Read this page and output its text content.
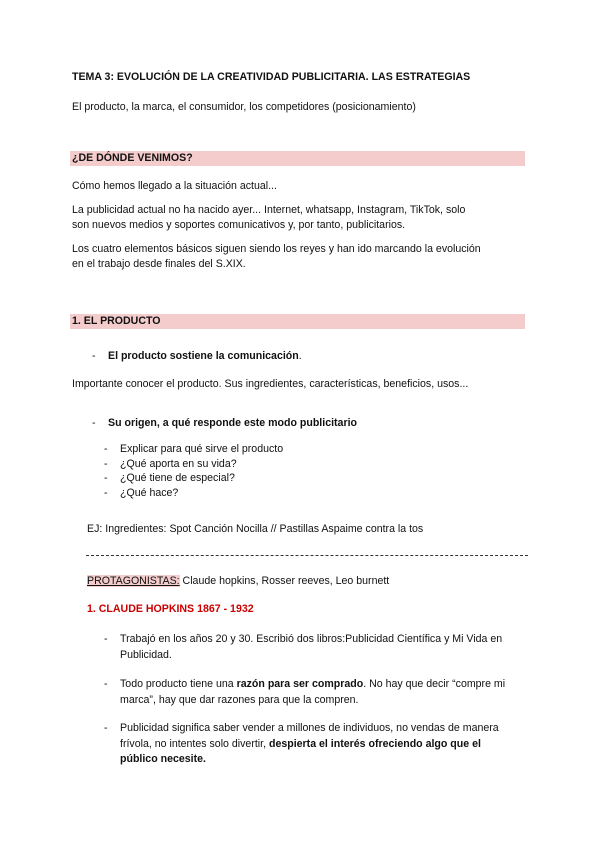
TEMA 3: EVOLUCIÓN DE LA CREATIVIDAD PUBLICITARIA. LAS ESTRATEGIAS
El producto, la marca, el consumidor, los competidores (posicionamiento)
¿DE DÓNDE VENIMOS?
Cómo hemos llegado a la situación actual...
La publicidad actual no ha nacido ayer... Internet, whatsapp, Instagram, TikTok, solo
son nuevos medios y soportes comunicativos y, por tanto, publicitarios.
Los cuatro elementos básicos siguen siendo los reyes y han ido marcando la evolución
en el trabajo desde finales del S.XIX.
1. EL PRODUCTO
- El producto sostiene la comunicación.
Importante conocer el producto. Sus ingredientes, características, beneficios, usos...
- Su origen, a qué responde este modo publicitario
- Explicar para qué sirve el producto
- ¿Qué aporta en su vida?
- ¿Qué tiene de especial?
- ¿Qué hace?
EJ: Ingredientes: Spot Canción Nocilla // Pastillas Aspaime contra la tos
PROTAGONISTAS: Claude hopkins, Rosser reeves, Leo burnett
1. CLAUDE HOPKINS 1867 - 1932
- Trabajó en los años 20 y 30. Escribió dos libros:Publicidad Científica y Mi Vida en
Publicidad.
- Todo producto tiene una razón para ser comprado. No hay que decir “compre mi
marca”, hay que dar razones para que la compren.
- Publicidad significa saber vender a millones de individuos, no vendas de manera
frívola, no intentes solo divertir, despierta el interés ofreciendo algo que el
público necesite.
